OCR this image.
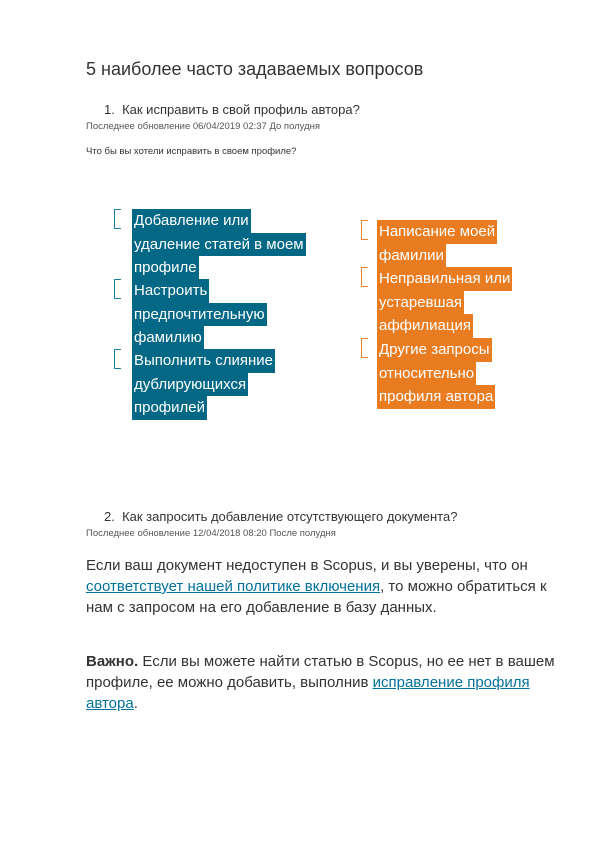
5 наиболее часто задаваемых вопросов
1. Как исправить в свой профиль автора?
Последнее обновление 06/04/2019 02:37 До полудня
Что бы вы хотели исправить в своем профиле?
Добавление или
удаление статей в моем
профиле
Настроить
предпочтительную
фамилию
Выполнить слияние
дублирующихся
профилей
Написание моей
фамилии
Неправильная или
устаревшая
аффилиация
Другие запросы
относительно
профиля автора
2. Как запросить добавление отсутствующего документа?
Последнее обновление 12/04/2018 08:20 После полудня
Если ваш документ недоступен в Scopus, и вы уверены, что он соответствует нашей политике включения, то можно обратиться к нам с запросом на его добавление в базу данных.
Важно. Если вы можете найти статью в Scopus, но ее нет в вашем профиле, ее можно добавить, выполнив исправление профиля автора.
